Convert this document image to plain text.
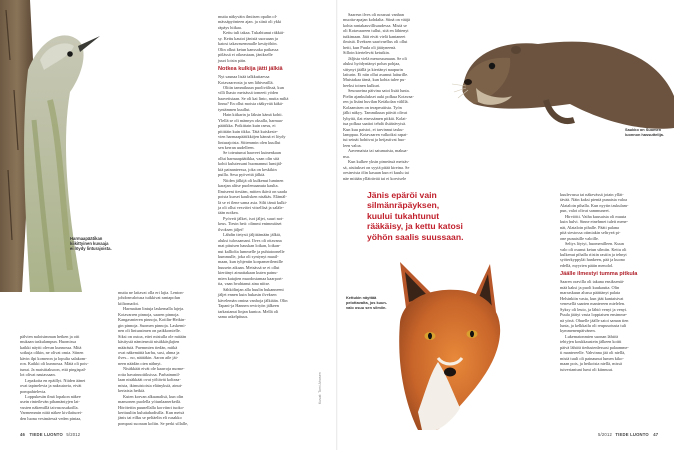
Harmaapäätikan
kiikittyinen kuvaaja
ei löydy linturajoista.

pälvien naloisimman hetken ja oiti

mukaan taskulampun. Huomissa

kaikki näytti olevan kunnossa. Mitä

sotkuja olikin, ne olivat omia. Siinen

kävin ilpi komeron ja lopulta salakom-

ron. Kaikki oli kunnossa. Mätä oli pois-

tunut. Ja maisittaksoon, että pingispal-

lot olivat nasiassaan.

Lepakoita en epäillyt. Niiden äänet

ovat tapinelevia ja naksutavia, eivät

pompahtelevia.

Loppukesän ilmä lopakon näkee

usein rinteilevän pihamäntyjen lat-

vusten näkemillä taivasossakoilla.

Varmemmin niitä näkee kivilaiturei-

den luona vesimäessä veden pintaa,

mutta ne laitavat olla eri lajia. Lenton-

johdonvalotusa tuikkivat rantapolun

kiiltomadot.

Harmaitan lintuja laskemalla lajeja.

Kotavarren pinnoja, saaren pinnoja.

Kangasmieren pinnoja, Kotilin-Heikin-

gin pinnoja. Suomen pinnoja. Laskemi-

nen oli lintuasimen on paikkomielle.

Siksi on outoa, ettei mistulla ole mitään

käsitystä nämiesmiä nisäkkäsjlajien

määrästä. Puemmien tiedän, mitkä

ovat näkemättä karhu, susi, ahma ja

ilves... no, näätäkin. Aaron aile jäi-

neen näädän oien nähnyt.

Nisäkkäät eivät ole kaarroja nurme-

rotta havainnoitiksissa. Parhaimmil-

laan nisäkkäät ovat yöltävät kolteaa-

mista, ikimuistoista eläinyksiä, ainut-

kertaisia hetkiä.

Kuten korvan alkuanalisä, kun olin

mansonen puolella yöiunlaanerkeilä.

Hörötettin puunellalla korviinri tuoko-

kerttuuliin kuluttahadistlla. Kun metsä

jänis tai eilku se peltäelin eli rusakko

pompasi suoraan koliin. Se perki sillalle,

mutta näkyväin ilmiisen opalin ol-

mässäpyönteen ajan. ja siinä oli ykki

räpäys hiikaa.

Kettu tuli takaa. Tukahtunut räkkäi-

sy. Kettu kautoi jänistä suoraaan ja

katosi takavasemmalle kesäyöhön.

Olin olkut ketun kanssaka paikassa

pölässä ei oikeastaan, jänikselle

juuri loisin päin.

Notkea kulkija jätti jälkiä

Nyt saunaa lisää talkkuttaessa

Kotavaareosta ja sen lähiveaillä.

Olitin tammikuun puolivälissä, kun

villi lhasto metsässä tomeeti yöden

haavetistaan. Se oli kai linto, mutta miltä

linnu? En ollut moisia rääkyvää käkä-

tyntämnen kuullut.

Hain kiikarin ja läksin kämä kohti.

Ylellä se oli männyn oksalla, harmaa-

päätikka. Poikittain kuin raesu, ei

pitittäin kuin tikka. Tätä kuiskesie-

vien harmaapäätikköjen kännä ei löydy

linturajoista. Siitemmin olen kuullut

sen kerran uudelleen.

Se toteutunut haaveet kuinenkaan

ollut harmaapäätikka, vaan olin sitä

kohti kulutessani huomannut lumijäl-

kiä painanteessa, joka on keskikin

puilla. Sesa pyöveitä jälkiä.

Niiden jälkijä oli kulkenut luminen

karajan alitse puolemaanuta kaulta.

Ilmiseeni tiesiäm, mitten ikävä on saada

poista kurset kaulisken nisäkäs. Elämäl-

lä se ei ilene sama asia. Silti tämä kulki-

ja oli ollut vesvtävi vitsellisä ja saläle-

tään notkea.

Pyöveit jälket, isot jäljet, suuri not-

keus. Tiesin heti: olimmi enimmäiset

ilvoksen jäljet!

Lähdin tietysti jäljittämään jälkiä,

aluksi tulossamani. Ilves oli ottavana

mat pituisen hauskan loikan, loikan-

nut kalliolta lummelle ja puhtatoonelle

kummulle, joka oli syntynyt maail-

maan, kun tyhjentin korpamerilemille

huusein aikaan. Metsässä se ei ollut

kiertänyt aimattakaan kuten painu-

mien katajien muodostamaa kaarport-

tia, vaan hvahtanut aina niitse.

Sähkölinjan alla huulin hukanneeni

jäljet ennen kuin hukasin ilveksen

kävelemän omina vanhoja jälkiään. Olin

Tapani-ja Hannen reviriyön jälkeen

tarkastanut linjan kuntoa. Mellä oli

sama askelpituus.

Kuvat: Tomi Ahosen
46 TIEDE LUONTO 5/2012

Saaresn ilves oli noussut vanhan

muotta-apajan kohdalta. Siinä on vääjä

kohta rantakauvillisaudessa. Mistä se

oli Kotavaareen tullut, sitä en lähtenyt

tutkimaan. Jäät eivät vielä kantaneet

ilmistä. Ilveksen saarivaellus oli ollut

hetti, kun Puula oli jäätyneenä.

Silloin kiertelevät ketutkin.

Jäljista vielä menossumaan. Se oli

aluksi hyödyntänyt polun pohjaa,

sittynyt jäällä ja kiertänyt naapurin

laiturin. Ei niin ollut asumut laiturille.

Muistakaa tämä, kun kohta tulee pu-

heeksi toinen kulkuri.

Seuraavina päivina satoi lisää lunta.

Pielin ajankulukset auki polkua Kotavaa-

ren ja lisänt huvilan Keiäkolan välillä.

Kolaamisen on terapeuttista. Työn

jälki näkyy. Tammikuun päivät olivat

lyhyitä, ilat etsessämen pitkiä. Kolat-

tua polkua saattoi tehdä ilsäärävyisä.

Kun kuu paistoi, ei tarvinnut tasku-

lamppua. Kotavaaren valkoiksi rapat-

tui seinät hohtivat ja heijastivat huo-

leen valoa.

Aavemaista tai satumaista, makua-

nsa.

Kun kulkee yksin pimeässä metsäs-

sä, aistiukset on syytä pitää kireina. Se

oesinvista ölin kasuan kun ei kuulu tai

näe mitään ylläträvää tai ei korvisele

Saukko on Suomen
luonnon hassuttelija.
Jänis epäröi vain
silmänräpäyksen,
kuului tukahtunut
rääkäisy, ja kettu katosi
yöhön saalis suussaan.
Kettukin näyttää
pelottavalta, jos kuun-
valo osuu sen silmiin.

kuulevassa tai näkevässä jotain yllät-

tävää. Näin kaksi pientä punaista valoa

Alataloin pihalla. Kun nyytin taskulam-

pun, valot olivat sammuneet.

Hirviöiti. Vaiha kuusaista oli muuta

kuin hulvi. Sinne etnehmet tuleit mene-

nät, Alataloin pihalle. Pääti palana

pitä siestossa otimiakin seltryeä pi-

one punaisille valoille.

Seltys löytyi, huomenilleen. Kuun

valo oli osunut ketun silmiin. Kettu oli

kulkenut pihalla riistin rastiin ja tehnyt

syöterkyppyläi hankeen, pää ja kuono

edellä, myyrien pääin menolol.

Jäälle ilmestyi tumma pitkula

Saaren oravilla oli takana ensiksentä-

mää kaksi ja puoli kuukautta. Olin

marraskuun alussa päättänyt palata

Helsinkiin vasta, kun jäät kantaisivat

venesellä saarten mantereen mielelen.

Syksy oli leuto, ja lähtö venyi ja venyi.

Puula jäätyi vasta loppiaisen ensimme-

nä yönä. Ohuelle jäälle satoi saman tien

lunta, ja kelkkailu oli reupusotusta tuli

kymmenenpäivänen.

Lukematonmien suonan lähtöä

tehtyjen koukkaustein jälkeen koitti

päivä lähtöä tiedustenlessasi palaamme-

ti mantereelle. Vahvinna jää oli niellä,

mistä tuuli oli painaunut lumen kiko-

maan pois, ja heikoista niellä, missä

tuiveriantuni lumi oli kiinnuut.

5/2012 TIEDE LUONTO 47
